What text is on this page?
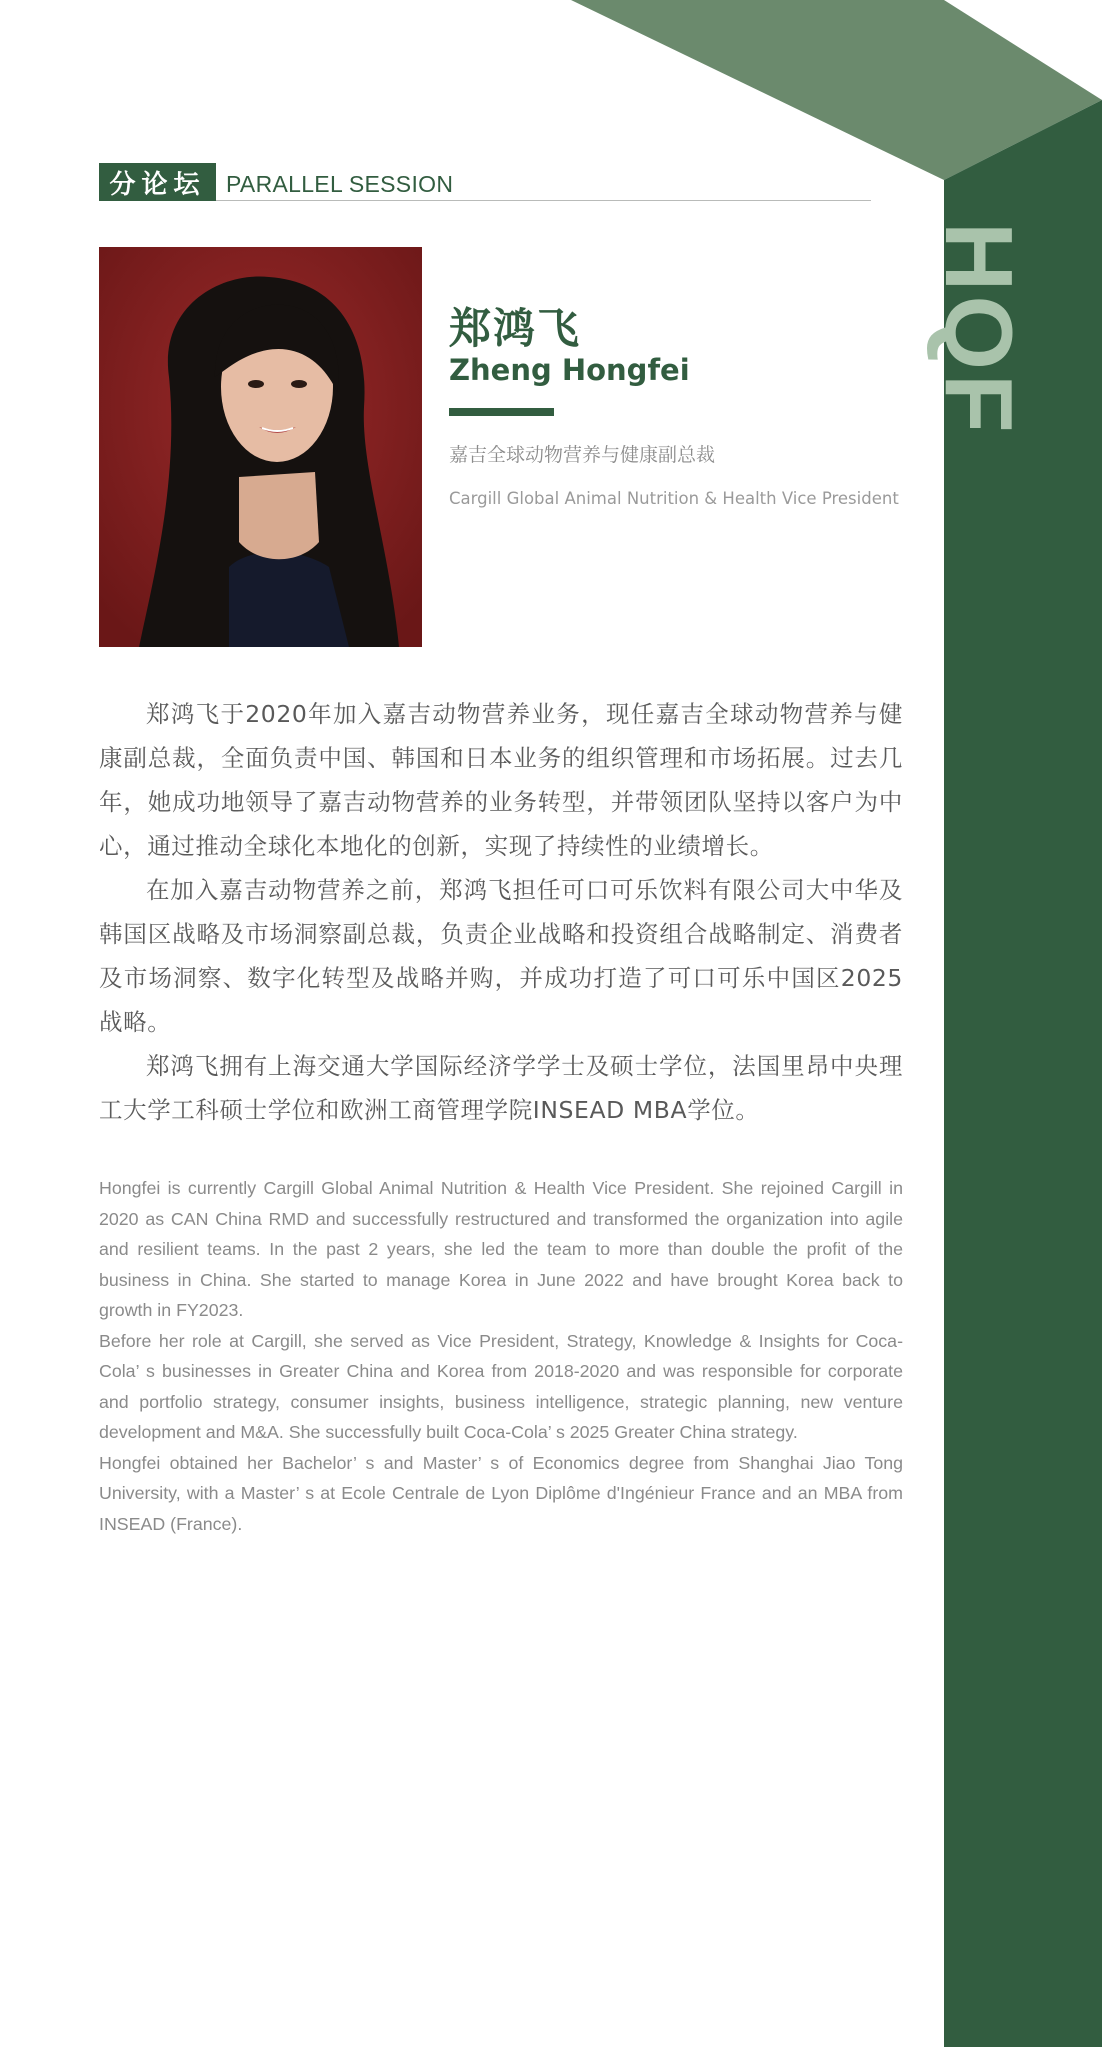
HQF
分论坛 PARALLEL SESSION
郑鸿飞
Zheng Hongfei
嘉吉全球动物营养与健康副总裁
Cargill Global Animal Nutrition & Health Vice President

郑鸿飞于2020年加入嘉吉动物营养业务，现任嘉吉全球动物营养与健康副总裁，全面负责中国、韩国和日本业务的组织管理和市场拓展。过去几年，她成功地领导了嘉吉动物营养的业务转型，并带领团队坚持以客户为中心，通过推动全球化本地化的创新，实现了持续性的业绩增长。

在加入嘉吉动物营养之前，郑鸿飞担任可口可乐饮料有限公司大中华及韩国区战略及市场洞察副总裁，负责企业战略和投资组合战略制定、消费者及市场洞察、数字化转型及战略并购，并成功打造了可口可乐中国区2025战略。

郑鸿飞拥有上海交通大学国际经济学学士及硕士学位，法国里昂中央理工大学工科硕士学位和欧洲工商管理学院INSEAD MBA学位。

Hongfei is currently Cargill Global Animal Nutrition & Health Vice President. She rejoined Cargill in 2020 as CAN China RMD and successfully restructured and transformed the organization into agile and resilient teams. In the past 2 years, she led the team to more than double the profit of the business in China. She started to manage Korea in June 2022 and have brought Korea back to growth in FY2023.

Before her role at Cargill, she served as Vice President, Strategy, Knowledge & Insights for Coca-Cola’ s businesses in Greater China and Korea from 2018-2020 and was responsible for corporate and portfolio strategy, consumer insights, business intelligence, strategic planning, new venture development and M&A. She successfully built Coca-Cola’ s 2025 Greater China strategy.

Hongfei obtained her Bachelor’ s and Master’ s of Economics degree from Shanghai Jiao Tong University, with a Master’ s at Ecole Centrale de Lyon Diplôme d'Ingénieur France and an MBA from INSEAD (France).
